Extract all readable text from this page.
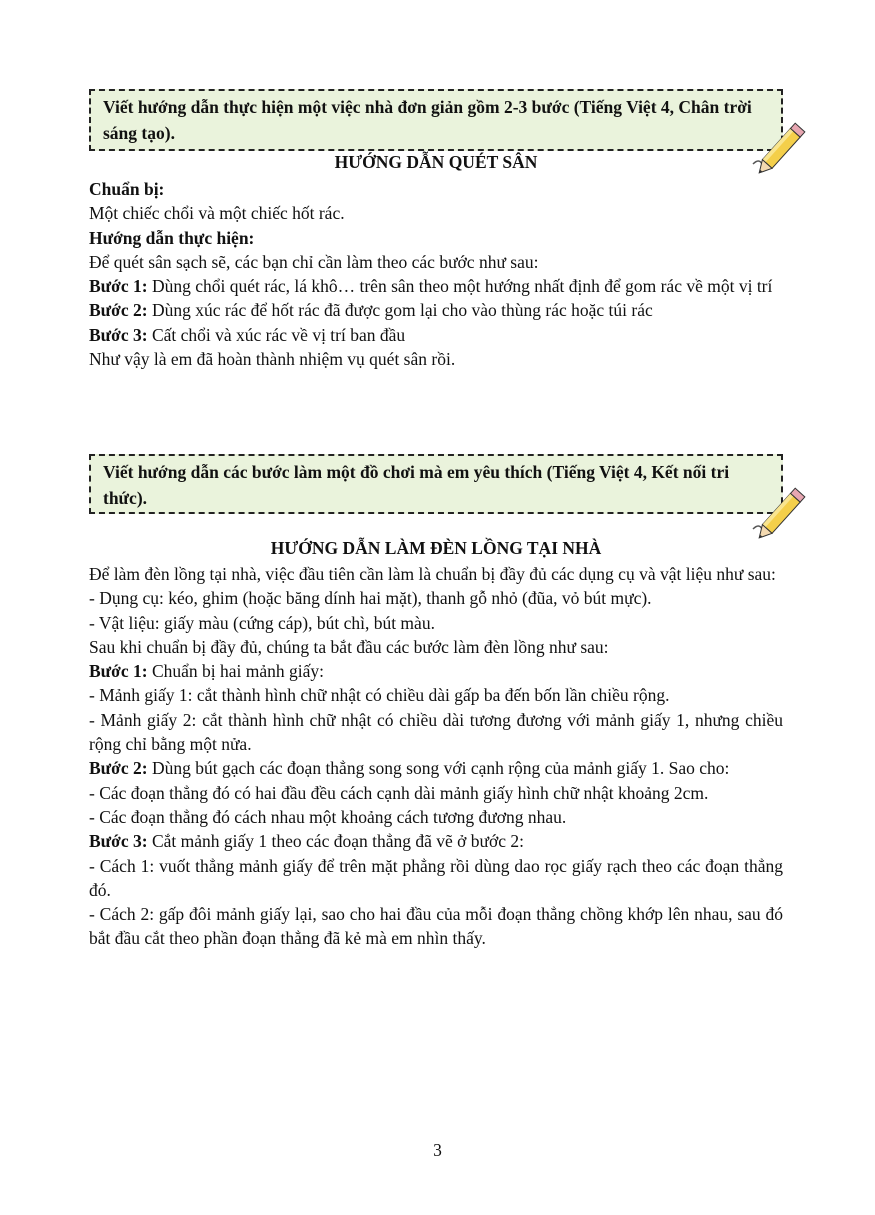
Viết hướng dẫn thực hiện một việc nhà đơn giản gồm 2-3 bước (Tiếng Việt 4, Chân trời sáng tạo).
HƯỚNG DẪN QUÉT SÂN

Chuẩn bị:

Một chiếc chổi và một chiếc hốt rác.

Hướng dẫn thực hiện:

Để quét sân sạch sẽ, các bạn chỉ cần làm theo các bước như sau:

Bước 1: Dùng chổi quét rác, lá khô… trên sân theo một hướng nhất định để gom rác về một vị trí

Bước 2: Dùng xúc rác để hốt rác đã được gom lại cho vào thùng rác hoặc túi rác

Bước 3: Cất chổi và xúc rác về vị trí ban đầu

Như vậy là em đã hoàn thành nhiệm vụ quét sân rồi.

Viết hướng dẫn các bước làm một đồ chơi mà em yêu thích (Tiếng Việt 4, Kết nối tri thức).
HƯỚNG DẪN LÀM ĐÈN LỒNG TẠI NHÀ

Để làm đèn lồng tại nhà, việc đầu tiên cần làm là chuẩn bị đầy đủ các dụng cụ và vật liệu như sau:

- Dụng cụ: kéo, ghim (hoặc băng dính hai mặt), thanh gỗ nhỏ (đũa, vỏ bút mực).

- Vật liệu: giấy màu (cứng cáp), bút chì, bút màu.

Sau khi chuẩn bị đầy đủ, chúng ta bắt đầu các bước làm đèn lồng như sau:

Bước 1: Chuẩn bị hai mảnh giấy:

- Mảnh giấy 1: cắt thành hình chữ nhật có chiều dài gấp ba đến bốn lần chiều rộng.

- Mảnh giấy 2: cắt thành hình chữ nhật có chiều dài tương đương với mảnh giấy 1, nhưng chiều rộng chỉ bằng một nửa.

Bước 2: Dùng bút gạch các đoạn thẳng song song với cạnh rộng của mảnh giấy 1. Sao cho:

- Các đoạn thẳng đó có hai đầu đều cách cạnh dài mảnh giấy hình chữ nhật khoảng 2cm.

- Các đoạn thẳng đó cách nhau một khoảng cách tương đương nhau.

Bước 3: Cắt mảnh giấy 1 theo các đoạn thẳng đã vẽ ở bước 2:

- Cách 1: vuốt thẳng mảnh giấy để trên mặt phẳng rồi dùng dao rọc giấy rạch theo các đoạn thẳng đó.

- Cách 2: gấp đôi mảnh giấy lại, sao cho hai đầu của mỗi đoạn thẳng chồng khớp lên nhau, sau đó bắt đầu cắt theo phần đoạn thẳng đã kẻ mà em nhìn thấy.

3
